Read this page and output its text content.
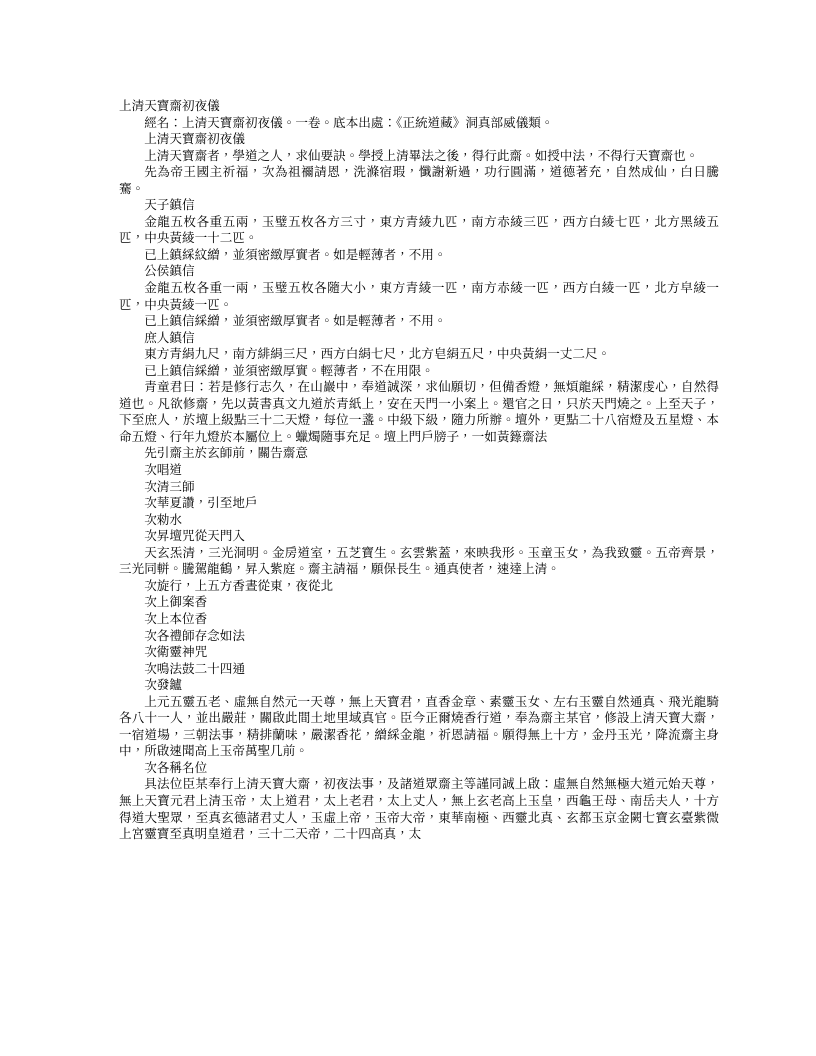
上清天寶齋初夜儀

經名：上清天寶齋初夜儀。一卷。底本出處：《正統道藏》洞真部威儀類。

上清天寶齋初夜儀

上清天寶齋者，學道之人，求仙要訣。學授上清畢法之後，得行此齋。如授中法，不得行天寶齋也。

先為帝王國主祈福，次為祖禰請恩，洗滌宿瑕，懺謝新過，功行圓滿，道德著充，自然成仙，白日騰騫。

天子鎮信

金龍五枚各重五兩，玉璧五枚各方三寸，東方青綾九匹，南方赤綾三匹，西方白綾七匹，北方黑綾五匹，中央黃綾一十二匹。

已上鎮綵紋繒，並須密緻厚實者。如是輕薄者，不用。

公侯鎮信

金龍五枚各重一兩，玉璧五枚各隨大小，東方青綾一匹，南方赤綾一匹，西方白綾一匹，北方皁綾一匹，中央黃綾一匹。

已上鎮信綵繒，並須密緻厚實者。如是輕薄者，不用。

庶人鎮信

東方青絹九尺，南方緋絹三尺，西方白絹七尺，北方皂絹五尺，中央黃絹一丈二尺。

已上鎮信綵繒，並須密緻厚實。輕薄者，不在用限。

青童君曰：若是修行志久，在山巖中，奉道誠深，求仙願切，但備香燈，無煩龍綵，精潔虔心，自然得道也。凡欲修齋，先以黃書真文九道於青紙上，安在天門一小案上。還官之日，只於天門燒之。上至天子，下至庶人，於壇上級點三十二天燈，每位一盞。中級下級，隨力所辦。壇外，更點二十八宿燈及五星燈、本命五燈、行年九燈於本屬位上。蠟燭隨事充足。壇上門戶牓子，一如黃籙齋法

先引齋主於玄師前，關告齋意

次唱道

次清三師

次華夏讚，引至地戶

次勑水

次昇壇咒從天門入

天玄炁清，三光洞明。金房道室，五芝寶生。玄雲紫蓋，來映我形。玉童玉女，為我致靈。五帝齊景，三光同軿。騰駕龍鶴，昇入紫庭。齋主請福，願保長生。通真使者，速達上清。

次旋行，上五方香晝從東，夜從北

次上御案香

次上本位香

次各禮師存念如法

次衛靈神咒

次鳴法鼓二十四通

次發鑪

上元五靈五老、虛無自然元一天尊，無上天寶君，直香金章、素靈玉女、左右玉靈自然通真、飛光龍騎各八十一人，並出嚴莊，關啟此間土地里域真官。臣今正爾燒香行道，奉為齋主某官，修設上清天寶大齋，一宿道場，三朝法事，精排蘭味，嚴潔香花，繒綵金龍，祈恩請福。願得無上十方，金丹玉光，降流齋主身中，所啟速聞高上玉帝萬聖几前。

次各稱名位

具法位臣某奉行上清天寶大齋，初夜法事，及諸道眾齋主等謹同誠上啟：虛無自然無極大道元始天尊，無上天寶元君上清玉帝，太上道君，太上老君，太上丈人，無上玄老高上玉皇，西龜王母、南岳夫人，十方得道大聖眾，至真玄德諸君丈人，玉虛上帝，玉帝大帝，東華南極、西靈北真、玄都玉京金闕七寶玄臺紫微上宮靈寶至真明皇道君，三十二天帝，二十四高真，太
